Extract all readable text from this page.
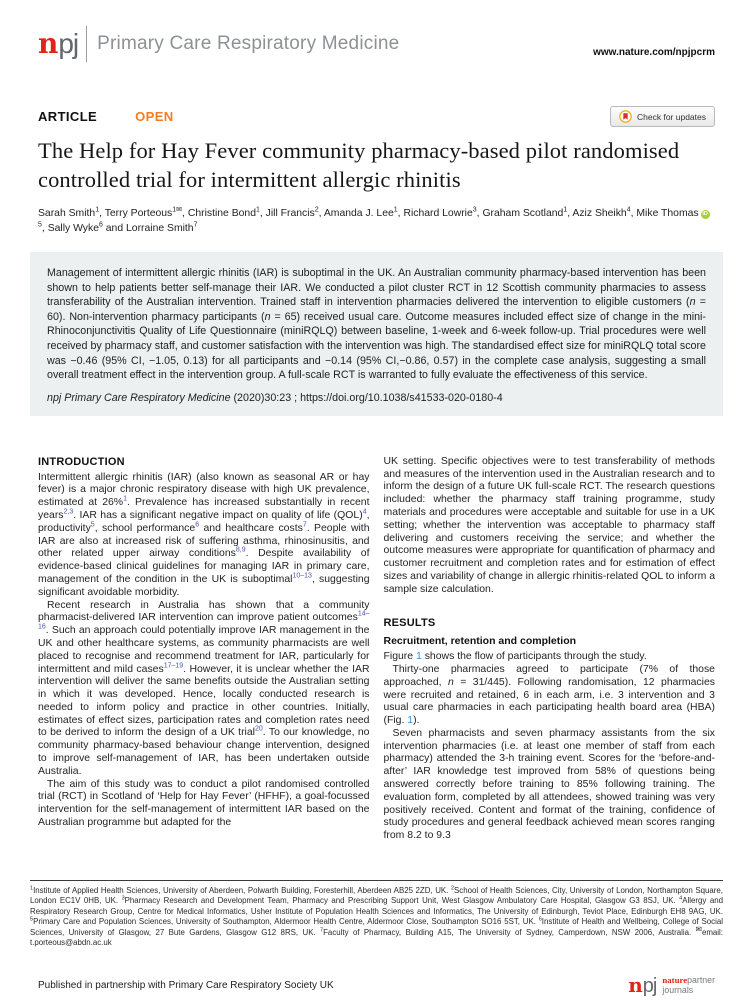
n pj Primary Care Respiratory Medicine	www.nature.com/npjpcrm
ARTICLE	OPEN	Check for updates
The Help for Hay Fever community pharmacy-based pilot randomised controlled trial for intermittent allergic rhinitis
Sarah Smith$^1$, Terry Porteous$^{1✉}$, Christine Bond$^1$, Jill Francis$^2$, Amanda J. Lee$^1$, Richard Lowrie$^3$, Graham Scotland$^1$, Aziz Sheikh$^4$, Mike Thomas $iD^5$, Sally Wyke$^6$ and Lorraine Smith$^7$

Management of intermittent allergic rhinitis (IAR) is suboptimal in the UK. An Australian community pharmacy-based intervention has been shown to help patients better self-manage their IAR. We conducted a pilot cluster RCT in 12 Scottish community pharmacies to assess transferability of the Australian intervention. Trained staff in intervention pharmacies delivered the intervention to eligible customers (n = 60). Non-intervention pharmacy participants (n = 65) received usual care. Outcome measures included effect size of change in the mini-Rhinoconjunctivitis Quality of Life Questionnaire (miniRQLQ) between baseline, 1-week and 6-week follow-up. Trial procedures were well received by pharmacy staff, and customer satisfaction with the intervention was high. The standardised effect size for miniRQLQ total score was −0.46 (95% CI, −1.05, 0.13) for all participants and −0.14 (95% CI,−0.86, 0.57) in the complete case analysis, suggesting a small overall treatment effect in the intervention group. A full-scale RCT is warranted to fully evaluate the effectiveness of this service.

npj Primary Care Respiratory Medicine (2020)30:23 ; https://doi.org/10.1038/s41533-020-0180-4

INTRODUCTION

Intermittent allergic rhinitis (IAR) (also known as seasonal AR or hay fever) is a major chronic respiratory disease with high UK prevalence, estimated at 26%$^1$. Prevalence has increased substantially in recent years$^{2,3}$. IAR has a significant negative impact on quality of life (QOL)$^4$, productivity$^5$, school performance$^6$ and healthcare costs$^7$. People with IAR are also at increased risk of suffering asthma, rhinosinusitis, and other related upper airway conditions$^{8,9}$. Despite availability of evidence-based clinical guidelines for managing IAR in primary care, management of the condition in the UK is suboptimal$^{10-13}$, suggesting significant avoidable morbidity.

Recent research in Australia has shown that a community pharmacist-delivered IAR intervention can improve patient outcomes$^{14-16}$. Such an approach could potentially improve IAR management in the UK and other healthcare systems, as community pharmacists are well placed to recognise and recommend treatment for IAR, particularly for intermittent and mild cases$^{17-19}$. However, it is unclear whether the IAR intervention will deliver the same benefits outside the Australian setting in which it was developed. Hence, locally conducted research is needed to inform policy and practice in other countries. Initially, estimates of effect sizes, participation rates and completion rates need to be derived to inform the design of a UK trial$^{20}$. To our knowledge, no community pharmacy-based behaviour change intervention, designed to improve self-management of IAR, has been undertaken outside Australia.

The aim of this study was to conduct a pilot randomised controlled trial (RCT) in Scotland of ‘Help for Hay Fever’ (HFHF), a goal-focussed intervention for the self-management of intermittent IAR based on the Australian programme but adapted for the

UK setting. Specific objectives were to test transferability of methods and measures of the intervention used in the Australian research and to inform the design of a future UK full-scale RCT. The research questions included: whether the pharmacy staff training programme, study materials and procedures were acceptable and suitable for use in a UK setting; whether the intervention was acceptable to pharmacy staff delivering and customers receiving the service; and whether the outcome measures were appropriate for quantification of pharmacy and customer recruitment and completion rates and for estimation of effect sizes and variability of change in allergic rhinitis-related QOL to inform a sample size calculation.

RESULTS
Recruitment, retention and completion

Figure 1 shows the flow of participants through the study.

Thirty-one pharmacies agreed to participate (7% of those approached, n = 31/445). Following randomisation, 12 pharmacies were recruited and retained, 6 in each arm, i.e. 3 intervention and 3 usual care pharmacies in each participating health board area (HBA) (Fig. 1).

Seven pharmacists and seven pharmacy assistants from the six intervention pharmacies (i.e. at least one member of staff from each pharmacy) attended the 3-h training event. Scores for the ‘before-and-after’ IAR knowledge test improved from 58% of questions being answered correctly before training to 85% following training. The evaluation form, completed by all attendees, showed training was very positively received. Content and format of the training, confidence of study procedures and general feedback achieved mean scores ranging from 8.2 to 9.3

$^1$Institute of Applied Health Sciences, University of Aberdeen, Polwarth Building, Foresterhill, Aberdeen AB25 2ZD, UK. $^2$School of Health Sciences, City, University of London, Northampton Square, London EC1V 0HB, UK. $^3$Pharmacy Research and Development Team, Pharmacy and Prescribing Support Unit, West Glasgow Ambulatory Care Hospital, Glasgow G3 8SJ, UK. $^4$Allergy and Respiratory Research Group, Centre for Medical Informatics, Usher Institute of Population Health Sciences and Informatics, The University of Edinburgh, Teviot Place, Edinburgh EH8 9AG, UK. $^5$Primary Care and Population Sciences, University of Southampton, Aldermoor Health Centre, Aldermoor Close, Southampton SO16 5ST, UK. $^6$Institute of Health and Wellbeing, College of Social Sciences, University of Glasgow, 27 Bute Gardens, Glasgow G12 8RS, UK. $^7$Faculty of Pharmacy, Building A15, The University of Sydney, Camperdown, NSW 2006, Australia. ✉email: t.porteous@abdn.ac.uk

Published in partnership with Primary Care Respiratory Society UK	npj naturepartner
journals
